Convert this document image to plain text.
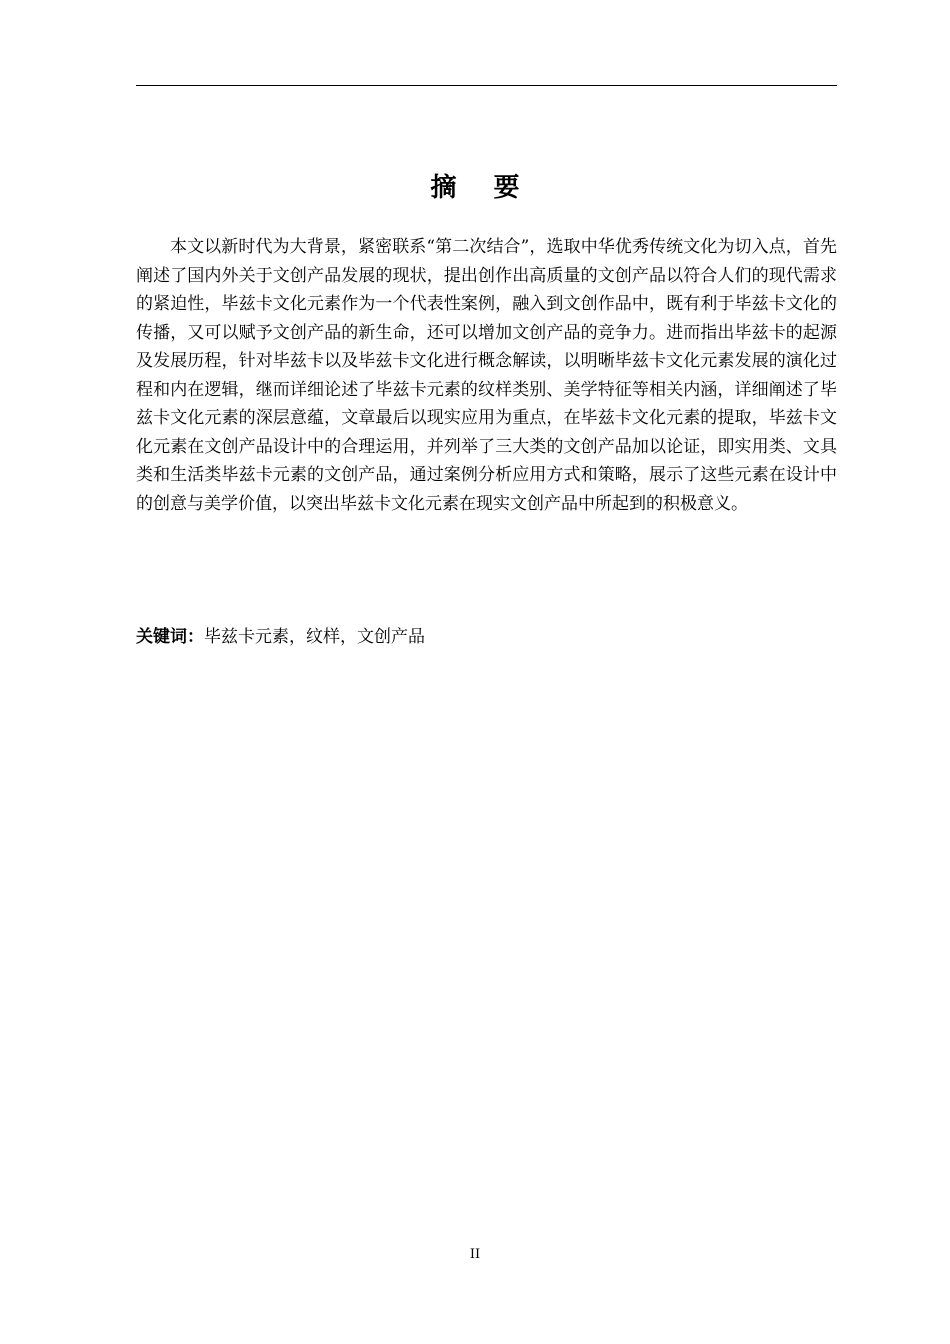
摘 要

本文以新时代为大背景，紧密联系“第二次结合”，选取中华优秀传统文化为切入点，首先阐述了国内外关于文创产品发展的现状，提出创作出高质量的文创产品以符合人们的现代需求的紧迫性，毕兹卡文化元素作为一个代表性案例，融入到文创作品中，既有利于毕兹卡文化的传播，又可以赋予文创产品的新生命，还可以增加文创产品的竞争力。进而指出毕兹卡的起源及发展历程，针对毕兹卡以及毕兹卡文化进行概念解读，以明晰毕兹卡文化元素发展的演化过程和内在逻辑，继而详细论述了毕兹卡元素的纹样类别、美学特征等相关内涵，详细阐述了毕兹卡文化元素的深层意蕴，文章最后以现实应用为重点，在毕兹卡文化元素的提取，毕兹卡文化元素在文创产品设计中的合理运用，并列举了三大类的文创产品加以论证，即实用类、文具类和生活类毕兹卡元素的文创产品，通过案例分析应用方式和策略，展示了这些元素在设计中的创意与美学价值，以突出毕兹卡文化元素在现实文创产品中所起到的积极意义。

关键词：毕兹卡元素，纹样，文创产品

II
